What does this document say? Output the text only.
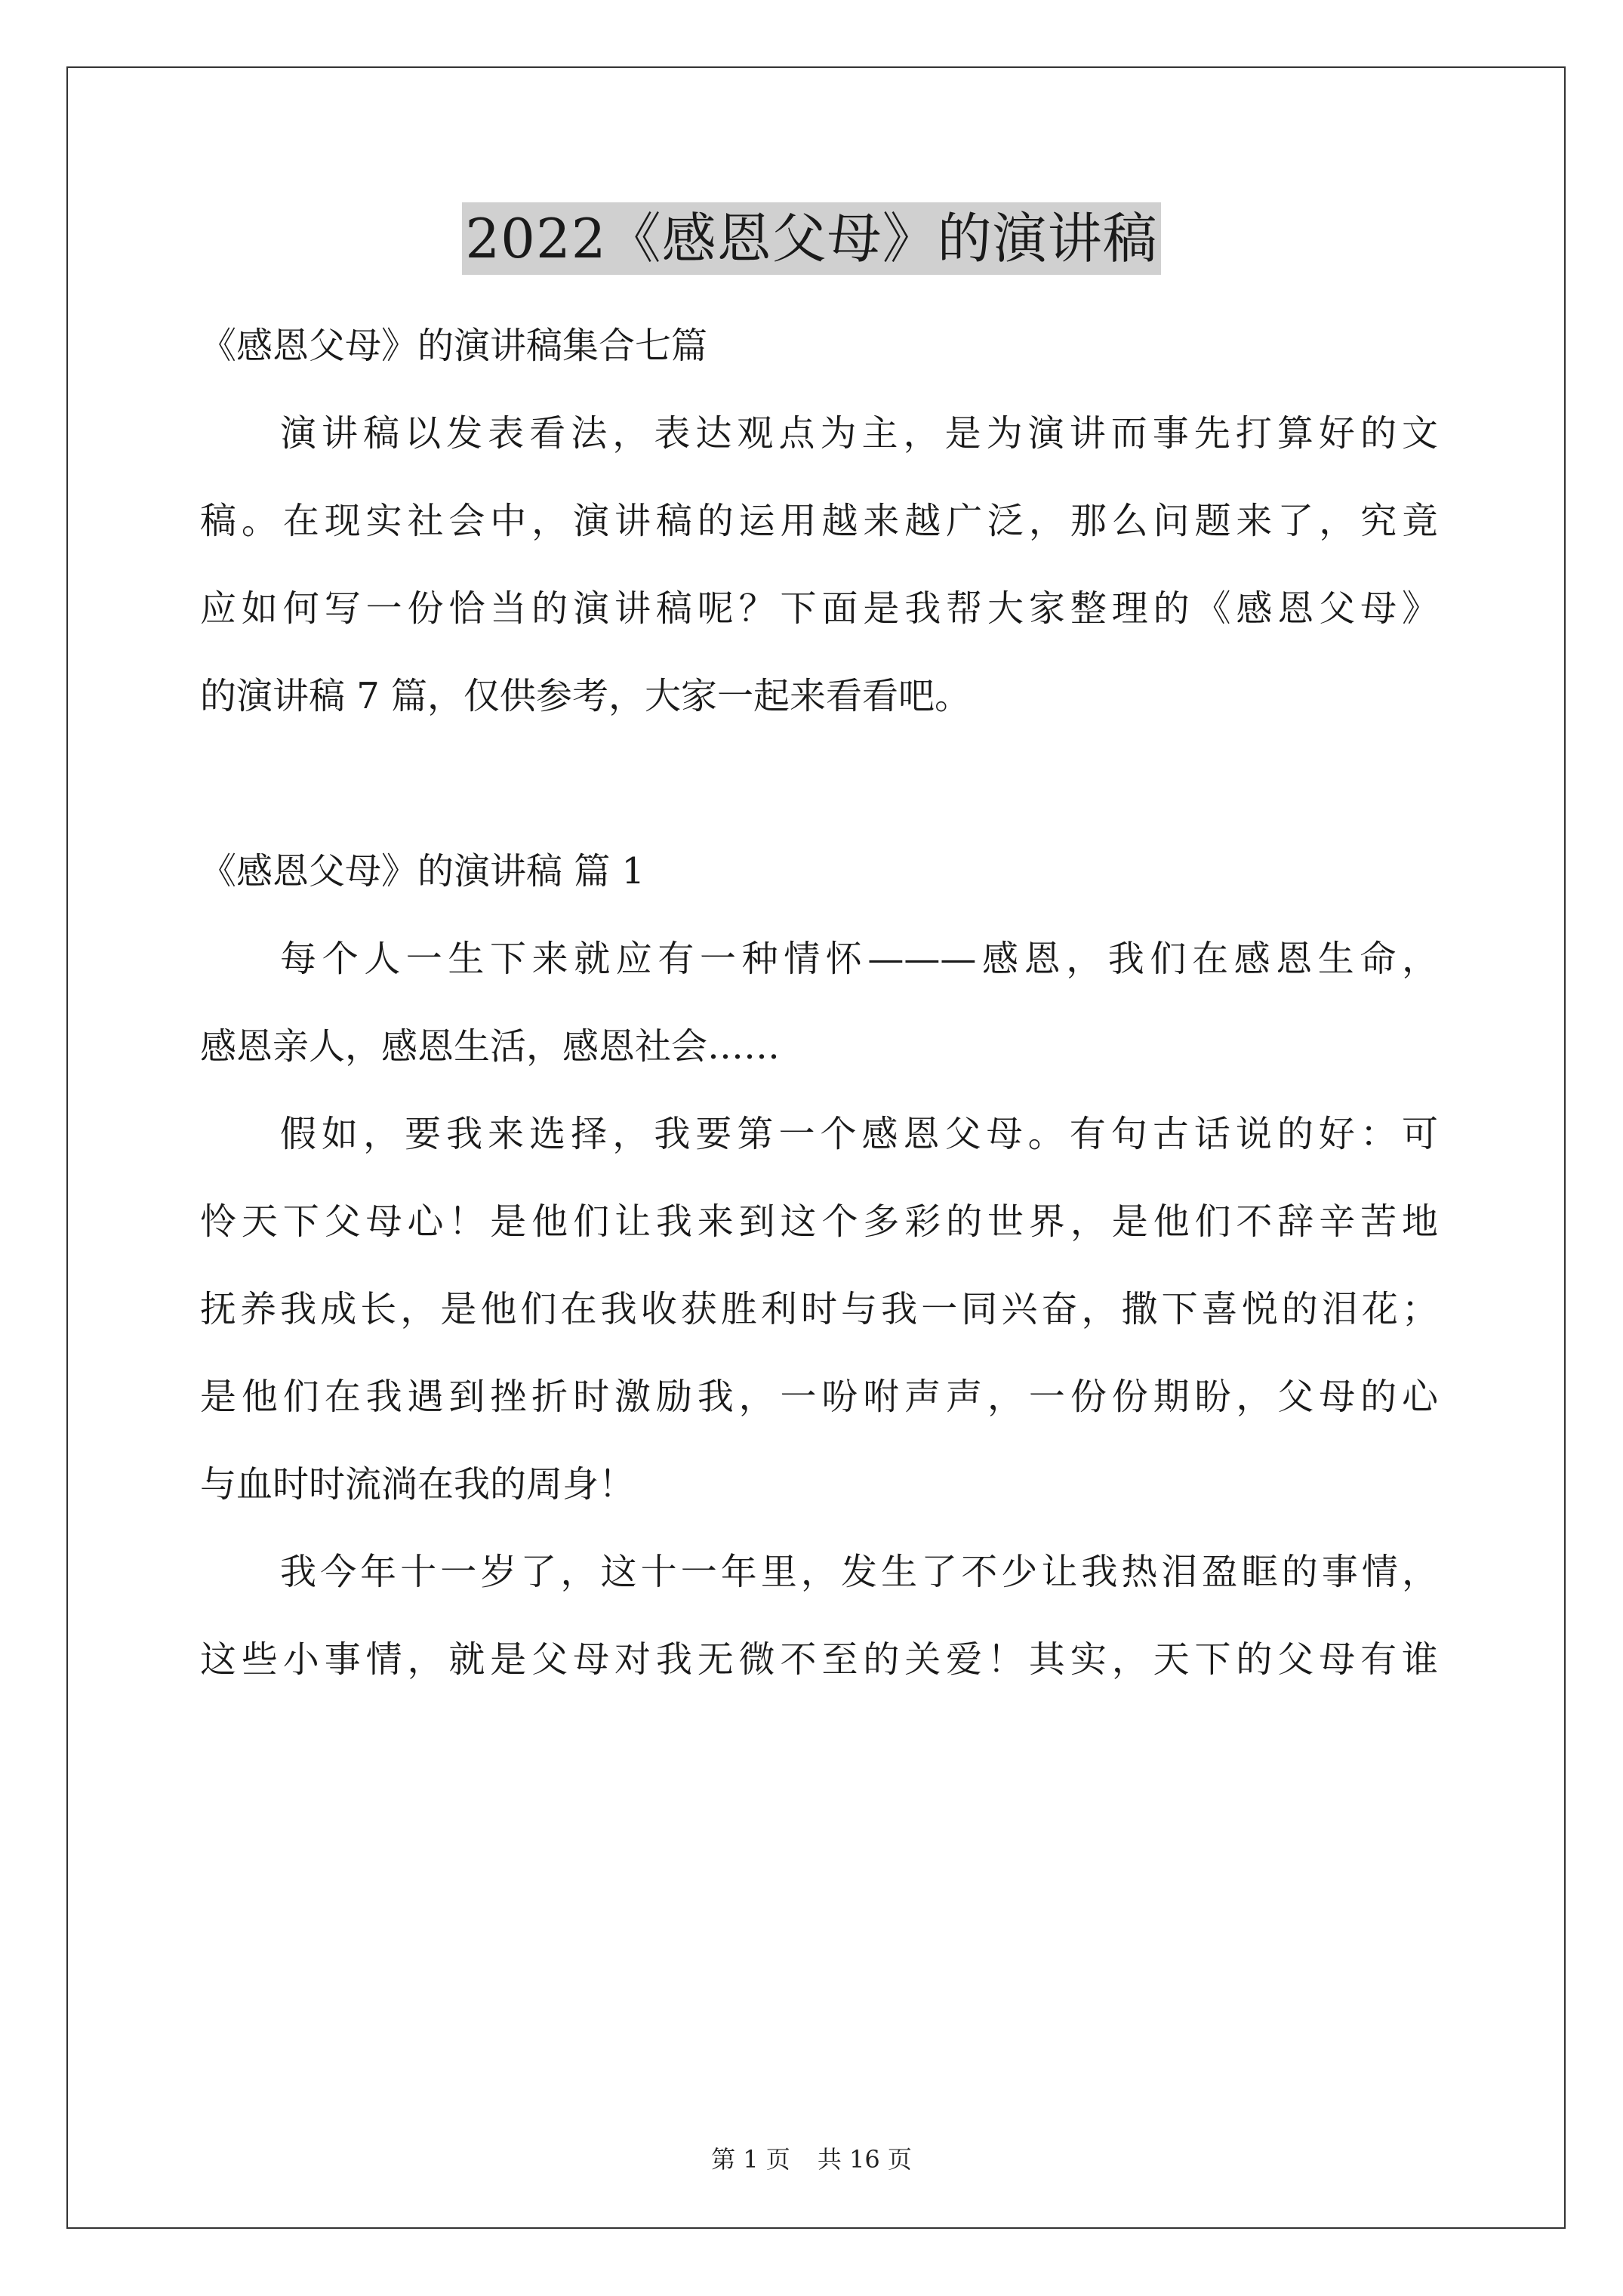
2022《感恩父母》的演讲稿
《感恩父母》的演讲稿集合七篇
演讲稿以发表看法，表达观点为主，是为演讲而事先打算好的文
稿。在现实社会中，演讲稿的运用越来越广泛，那么问题来了，究竟
应如何写一份恰当的演讲稿呢？下面是我帮大家整理的《感恩父母》
的演讲稿 7 篇，仅供参考，大家一起来看看吧。
《感恩父母》的演讲稿 篇 1
每个人一生下来就应有一种情怀———感恩，我们在感恩生命，
感恩亲人，感恩生活，感恩社会……
假如，要我来选择，我要第一个感恩父母。有句古话说的好：可
怜天下父母心！是他们让我来到这个多彩的世界，是他们不辞辛苦地
抚养我成长，是他们在我收获胜利时与我一同兴奋，撒下喜悦的泪花；
是他们在我遇到挫折时激励我，一吩咐声声，一份份期盼，父母的心
与血时时流淌在我的周身！
我今年十一岁了，这十一年里，发生了不少让我热泪盈眶的事情，
这些小事情，就是父母对我无微不至的关爱！其实，天下的父母有谁
第 1 页 共 16 页
